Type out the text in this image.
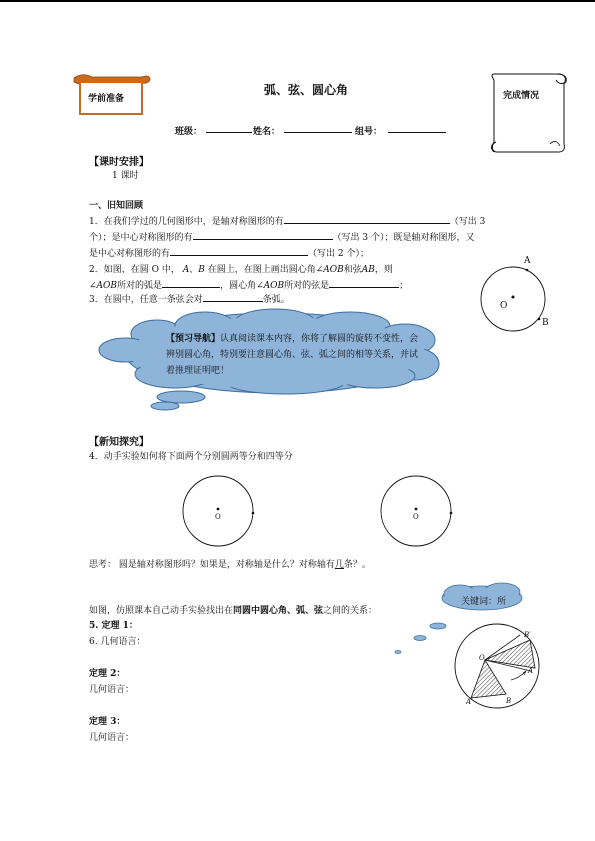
学前准备
弧、弦、圆心角	完成情况
班级：	姓名：	组号：
【课时安排】
1 课时
一、旧知回顾
1．在我们学过的几何图形中，是轴对称图形的有	（写出 3
个）；是中心对称图形的有	（写出 3 个）；既是轴对称图形，又
是中心对称图形的有	（写出 2 个）；
2．如图，在圆 O 中， A、B 在圆上，在图上画出圆心角∠AOB和弦AB，则
∠AOB所对的弧是	，圆心角∠AOB所对的弦是	；
3．在圆中，任意一条弦会对	条弧。
A
O
B
【预习导航】认真阅读课本内容，你将了解圆的旋转不变性，会辨别圆心角，特别要注意圆心角、弦、弧之间的相等关系，并试着推理证明吧！
【新知探究】
4．动手实验如何将下面两个分别圆两等分和四等分
O	O
思考： 圆是轴对称图形吗？如果是，对称轴是什么？对称轴有几条？。
关键词：所
如图，仿照课本自己动手实验找出在同圆中圆心角、弧、弦之间的关系：
5. 定理 1：
6. 几何语言：
定理 2：
几何语言：
定理 3：
几何语言：
B′
O
A′
A	B
